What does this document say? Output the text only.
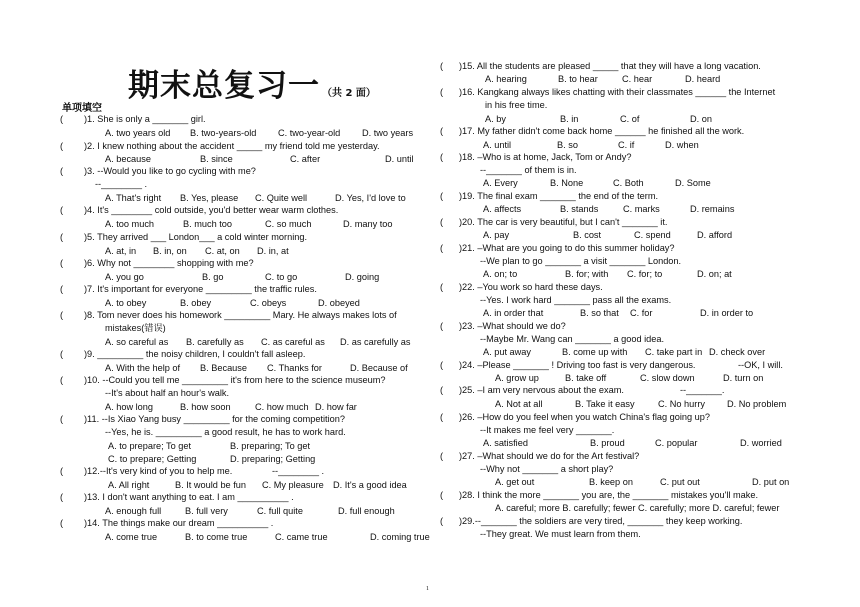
期末总复习一 （共 2 面）
单项填空
( )1. She is only a _______ girl.
A. two years old B. two-years-old C. two-year-old D. two years
( )2. I knew nothing about the accident _____ my friend told me yesterday.
A. because	B. since	C. after	D. until
( )3. --Would you like to go cycling with me?
--________ .
A. That's right B. Yes, please C. Quite well	D. Yes, I'd love to
( )4. It's ________ cold outside, you'd better wear warm clothes.
A. too much	B. much too	C. so much	D. many too
( )5. They arrived ___ London___ a cold winter morning.
A. at, in B. in, on C. at, on D. in, at
( )6. Why not ________ shopping with me?
A. you go	B. go	C. to go	D. going
( )7. It's important for everyone _________ the traffic rules.
A. to obey	B. obey	C. obeys	D. obeyed
( )8. Tom never does his homework _________ Mary. He always makes lots of
mistakes(错误)
A. so careful as B. carefully as C. as careful as D. as carefully as
( )9. _________ the noisy children, I couldn't fall asleep.
A. With the help of B. Because C. Thanks for	D. Because of
( )10. --Could you tell me _________ it's from here to the science museum?
--It's about half an hour's walk.
A. how long	B. how soon	C. how much D. how far
( )11. --Is Xiao Yang busy _________ for the coming competition?
--Yes, he is. _________ a good result, he has to work hard.
A. to prepare; To get	B. preparing; To get
C. to prepare; Getting	D. preparing; Getting
( )12.--It's very kind of you to help me.	--________ .
A. All right	B. It would be fun C. My pleasure D. It's a good idea
( )13. I don't want anything to eat. I am __________ .
A. enough full	B. full very	C. full quite	D. full enough
( )14. The things make our dream __________ .
A. come true	B. to come true	C. came true	D. coming true
( )15. All the students are pleased _____ that they will have a long vacation.
A. hearing	B. to hear	C. hear	D. heard
( )16. Kangkang always likes chatting with their classmates ______ the Internet
in his free time.
A. by	B. in	C. of	D. on
( )17. My father didn't come back home ______ he finished all the work.
A. until	B. so	C. if	D. when
( )18. –Who is at home, Jack, Tom or Andy?
--_______ of them is in.
A. Every	B. None	C. Both	D. Some
( )19. The final exam _______ the end of the term.
A. affects	B. stands	C. marks	D. remains
( )20. The car is very beautiful, but I can't _______ it.
A. pay	B. cost	C. spend	D. afford
( )21. –What are you going to do this summer holiday?
--We plan to go _______ a visit _______ London.
A. on; to	B. for; with C. for; to	D. on; at
( )22. –You work so hard these days.
--Yes. I work hard _______ pass all the exams.
A. in order that	B. so that C. for	D. in order to
( )23. –What should we do?
--Maybe Mr. Wang can _______ a good idea.
A. put away	B. come up with C. take part in D. check over
( )24. –Please _______ ! Driving too fast is very dangerous.	--OK, I will.
A. grow up	B. take off	C. slow down	D. turn on
( )25. –I am very nervous about the exam.	--_______.
A. Not at all	B. Take it easy	C. No hurry D. No problem
( )26. –How do you feel when you watch China's flag going up?
--It makes me feel very _______.
A. satisfied	B. proud	C. popular	D. worried
( )27. –What should we do for the Art festival?
--Why not _______ a short play?
A. get out	B. keep on	C. put out	D. put on
( )28. I think the more _______ you are, the _______ mistakes you'll make.
A. careful; more B. carefully; fewer C. carefully; more D. careful; fewer
( )29.--_______ the soldiers are very tired, _______ they keep working.
--They great. We must learn from them.
1
